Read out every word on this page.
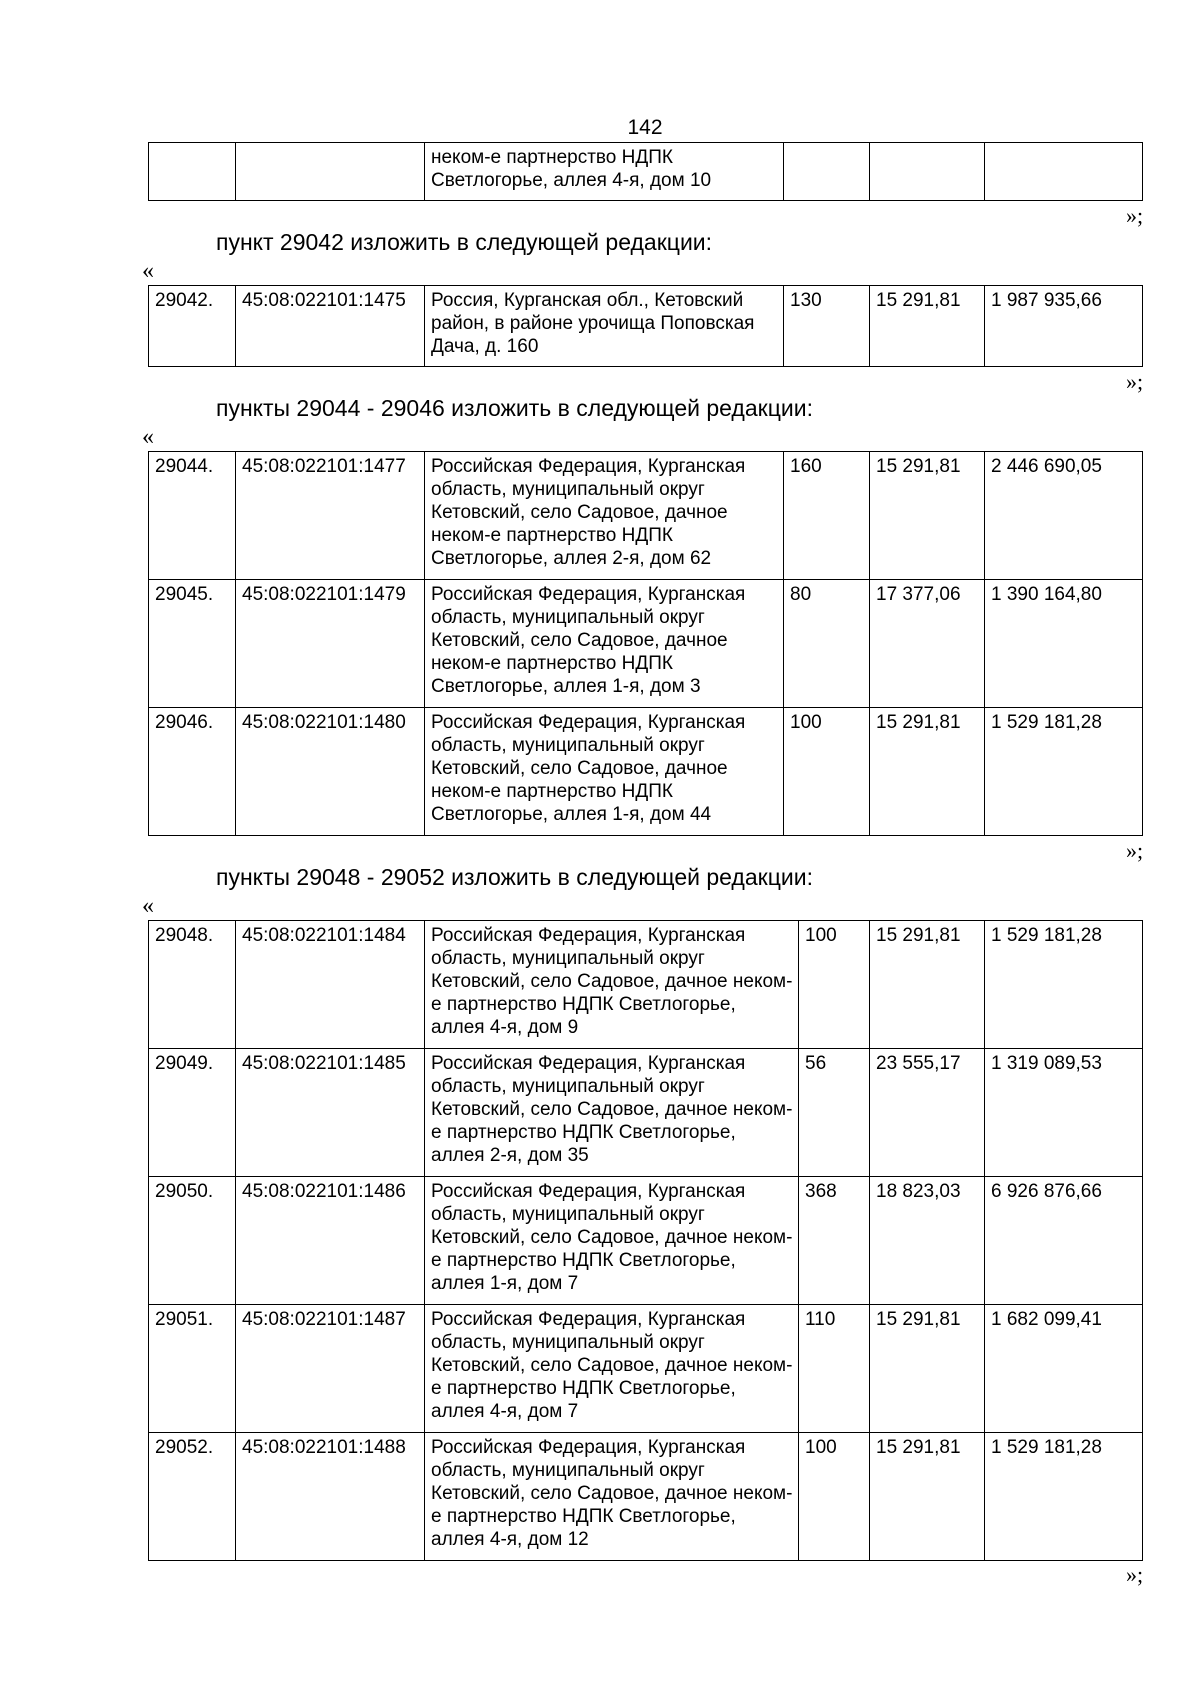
142
		неком-е партнерство НДПК Светлогорье, аллея 4-я, дом 10			
»;
пункт 29042 изложить в следующей редакции:
«
29042.	45:08:022101:1475	Россия, Курганская обл., Кетовский район, в районе урочища Поповская Дача, д. 160	130	15 291,81	1 987 935,66
»;
пункты 29044 - 29046 изложить в следующей редакции:
«
29044.	45:08:022101:1477	Российская Федерация, Курганская область, муниципальный округ Кетовский, село Садовое, дачное неком-е партнерство НДПК Светлогорье, аллея 2-я, дом 62	160	15 291,81	2 446 690,05
29045.	45:08:022101:1479	Российская Федерация, Курганская область, муниципальный округ Кетовский, село Садовое, дачное неком-е партнерство НДПК Светлогорье, аллея 1-я, дом 3	80	17 377,06	1 390 164,80
29046.	45:08:022101:1480	Российская Федерация, Курганская область, муниципальный округ Кетовский, село Садовое, дачное неком-е партнерство НДПК Светлогорье, аллея 1-я, дом 44	100	15 291,81	1 529 181,28
»;
пункты 29048 - 29052 изложить в следующей редакции:
«
29048.	45:08:022101:1484	Российская Федерация, Курганская область, муниципальный округ Кетовский, село Садовое, дачное неком-е партнерство НДПК Светлогорье, аллея 4-я, дом 9	100	15 291,81	1 529 181,28
29049.	45:08:022101:1485	Российская Федерация, Курганская область, муниципальный округ Кетовский, село Садовое, дачное неком-е партнерство НДПК Светлогорье, аллея 2-я, дом 35	56	23 555,17	1 319 089,53
29050.	45:08:022101:1486	Российская Федерация, Курганская область, муниципальный округ Кетовский, село Садовое, дачное неком-е партнерство НДПК Светлогорье, аллея 1-я, дом 7	368	18 823,03	6 926 876,66
29051.	45:08:022101:1487	Российская Федерация, Курганская область, муниципальный округ Кетовский, село Садовое, дачное неком-е партнерство НДПК Светлогорье, аллея 4-я, дом 7	110	15 291,81	1 682 099,41
29052.	45:08:022101:1488	Российская Федерация, Курганская область, муниципальный округ Кетовский, село Садовое, дачное неком-е партнерство НДПК Светлогорье, аллея 4-я, дом 12	100	15 291,81	1 529 181,28
»;
